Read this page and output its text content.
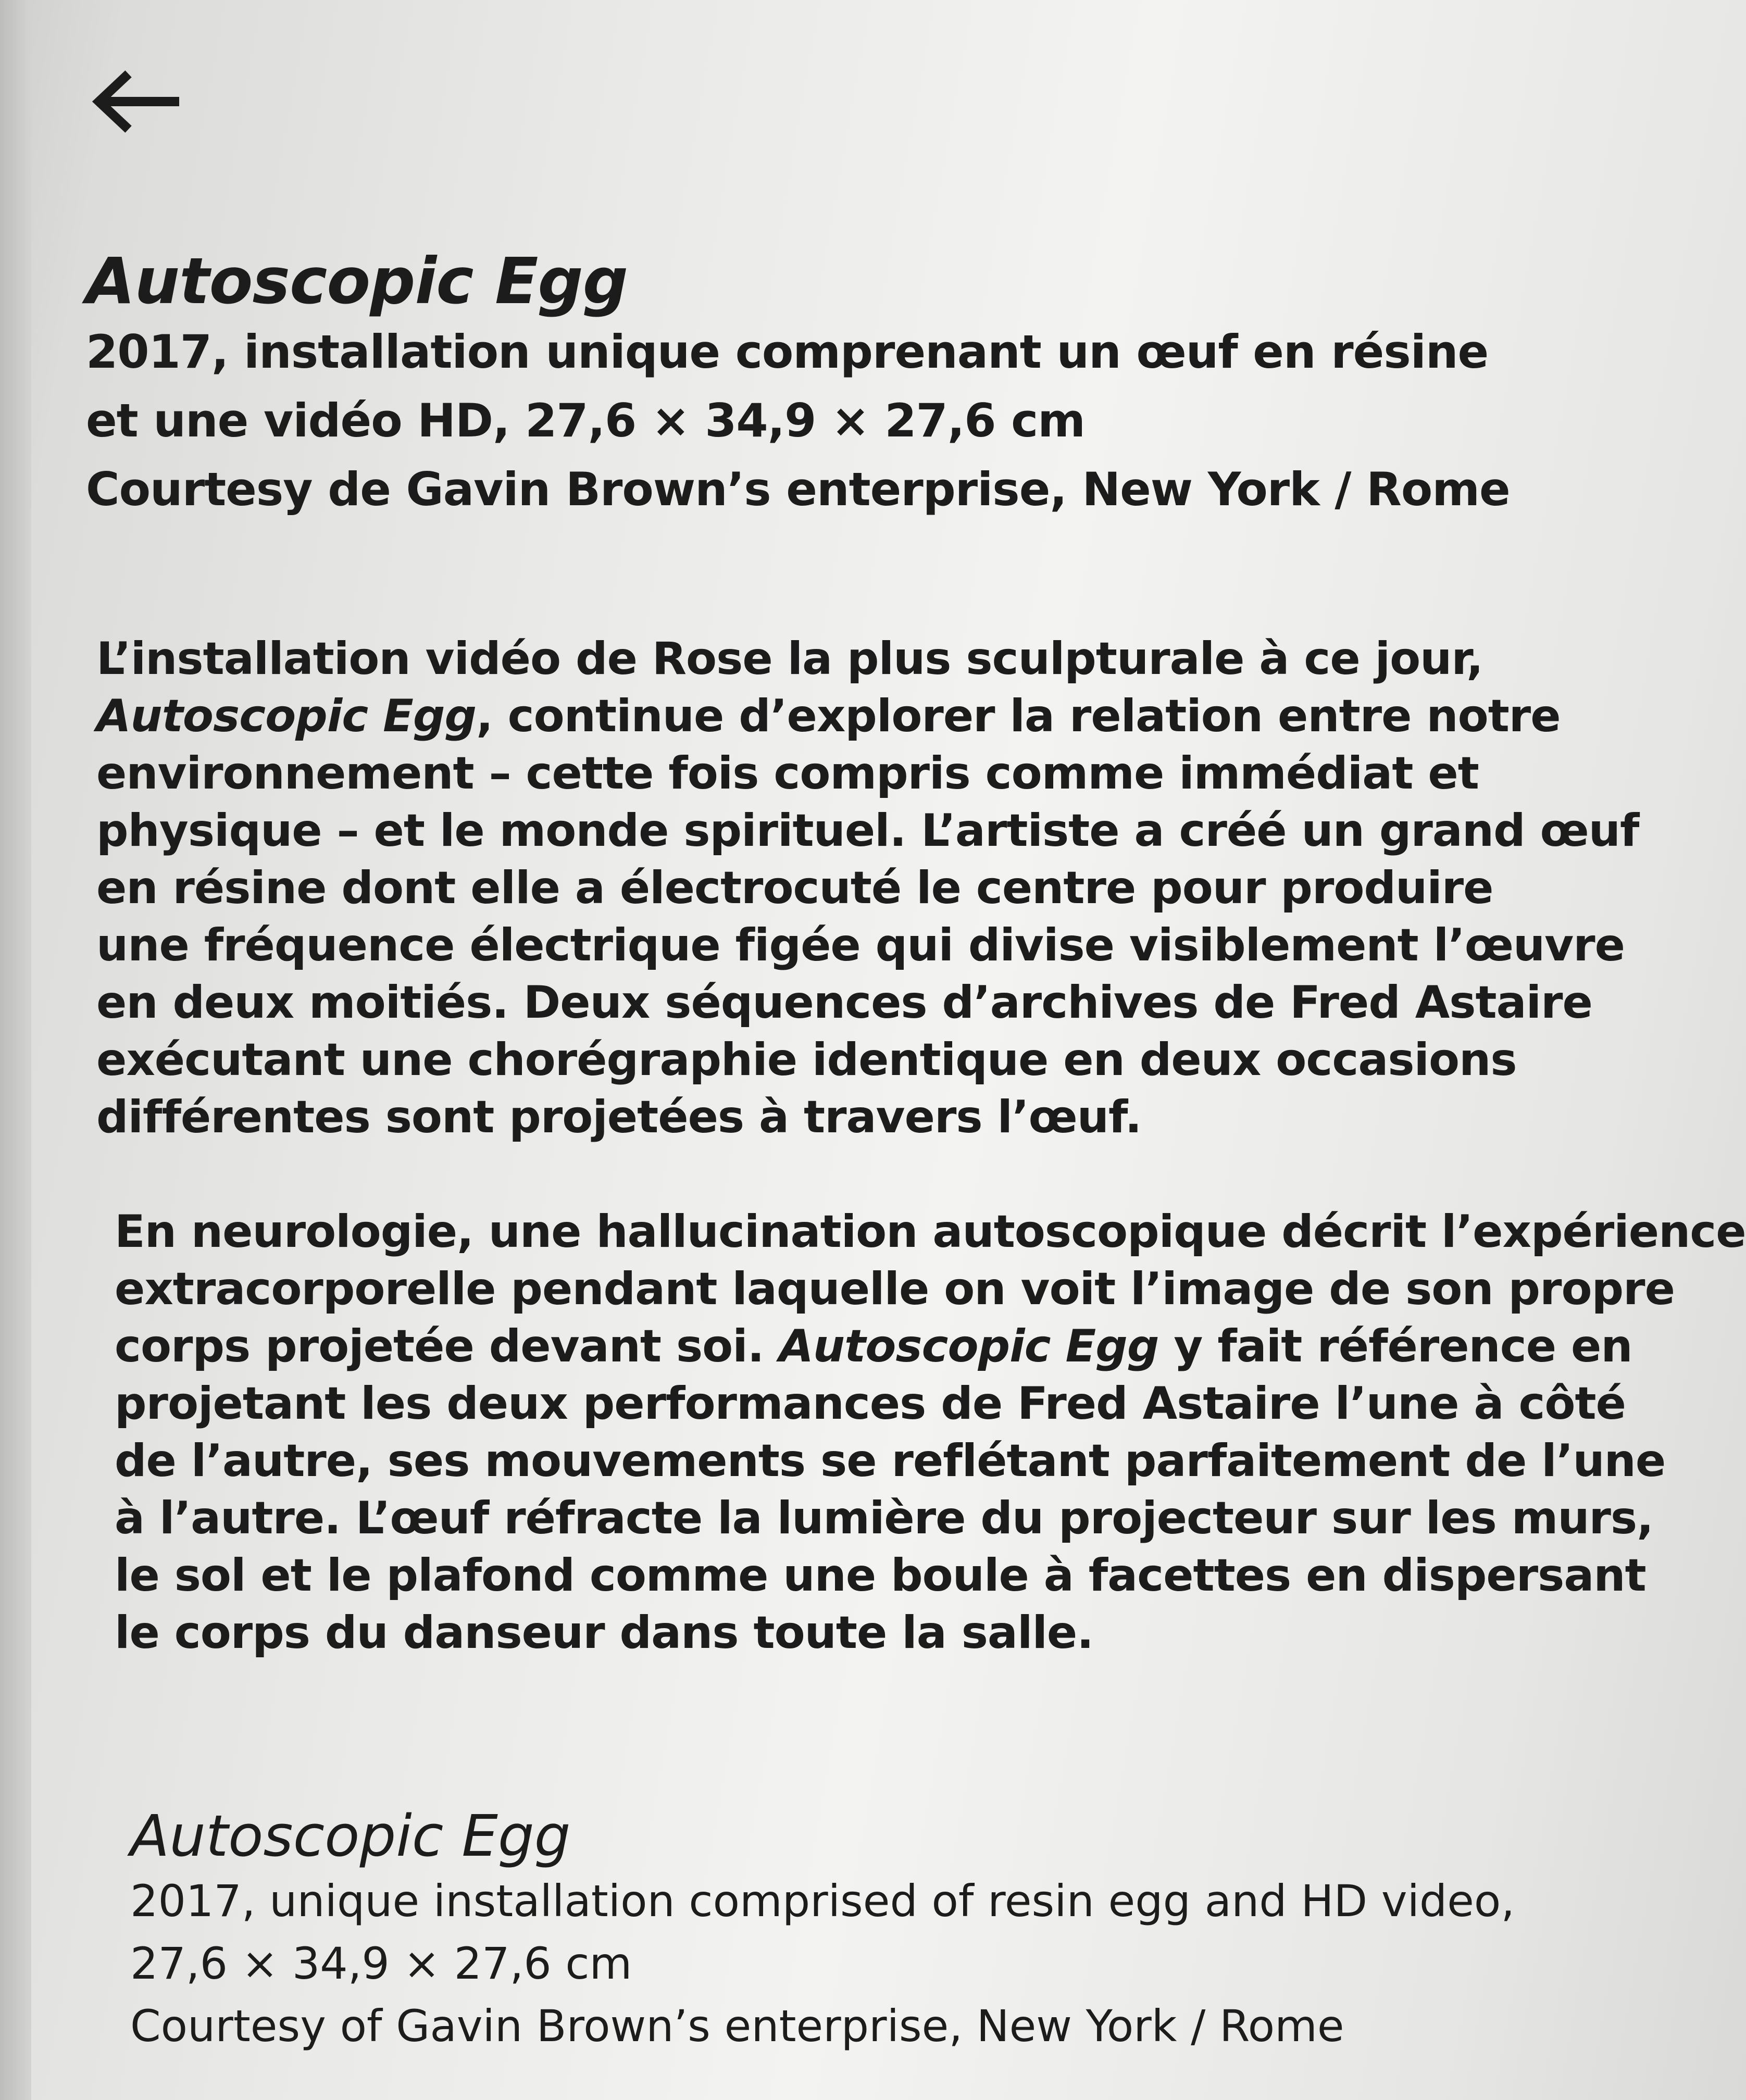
Autoscopic Egg
2017, installation unique comprenant un œuf en résine
et une vidéo HD, 27,6 × 34,9 × 27,6 cm
Courtesy de Gavin Brown’s enterprise, New York / Rome
L’installation vidéo de Rose la plus sculpturale à ce jour,
Autoscopic Egg, continue d’explorer la relation entre notre
environnement – cette fois compris comme immédiat et
physique – et le monde spirituel. L’artiste a créé un grand œuf
en résine dont elle a électrocuté le centre pour produire
une fréquence électrique figée qui divise visiblement l’œuvre
en deux moitiés. Deux séquences d’archives de Fred Astaire
exécutant une chorégraphie identique en deux occasions
différentes sont projetées à travers l’œuf.
En neurologie, une hallucination autoscopique décrit l’expérience
extracorporelle pendant laquelle on voit l’image de son propre
corps projetée devant soi. Autoscopic Egg y fait référence en
projetant les deux performances de Fred Astaire l’une à côté
de l’autre, ses mouvements se reflétant parfaitement de l’une
à l’autre. L’œuf réfracte la lumière du projecteur sur les murs,
le sol et le plafond comme une boule à facettes en dispersant
le corps du danseur dans toute la salle.
Autoscopic Egg
2017, unique installation comprised of resin egg and HD video,
27,6 × 34,9 × 27,6 cm
Courtesy of Gavin Brown’s enterprise, New York / Rome
